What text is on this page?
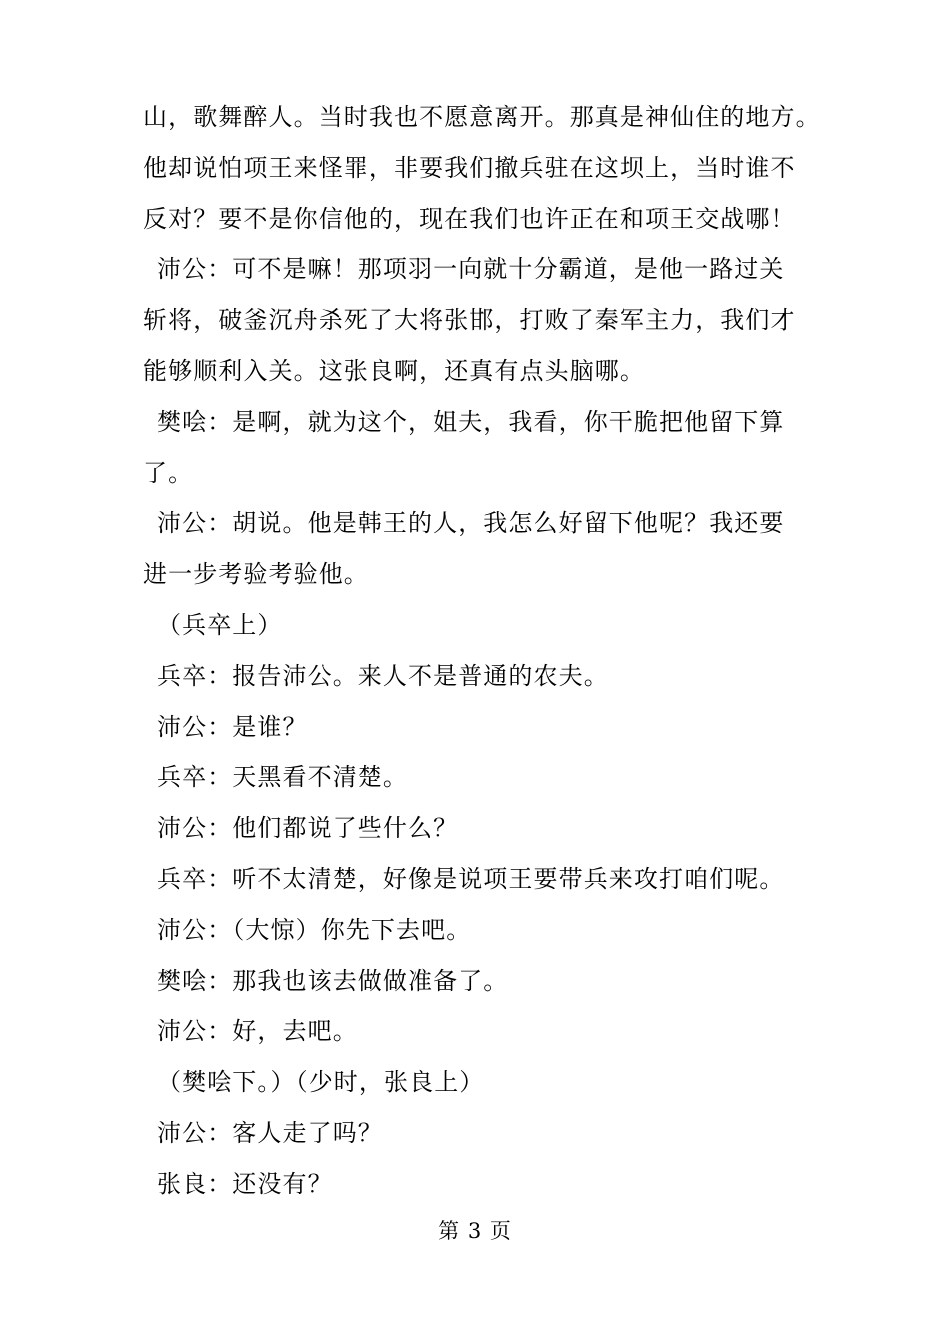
山，歌舞醉人。当时我也不愿意离开。那真是神仙住的地方。
他却说怕项王来怪罪，非要我们撤兵驻在这坝上，当时谁不
反对？要不是你信他的，现在我们也许正在和项王交战哪！
沛公：可不是嘛！那项羽一向就十分霸道，是他一路过关
斩将，破釜沉舟杀死了大将张邯，打败了秦军主力，我们才
能够顺利入关。这张良啊，还真有点头脑哪。
樊哙：是啊，就为这个，姐夫，我看，你干脆把他留下算
了。
沛公：胡说。他是韩王的人，我怎么好留下他呢？我还要
进一步考验考验他。
（兵卒上）
兵卒：报告沛公。来人不是普通的农夫。
沛公：是谁？
兵卒：天黑看不清楚。
沛公：他们都说了些什么？
兵卒：听不太清楚，好像是说项王要带兵来攻打咱们呢。
沛公：（大惊）你先下去吧。
樊哙：那我也该去做做准备了。
沛公：好，去吧。
（樊哙下。）（少时，张良上）
沛公：客人走了吗？
张良：还没有？
第 3 页
